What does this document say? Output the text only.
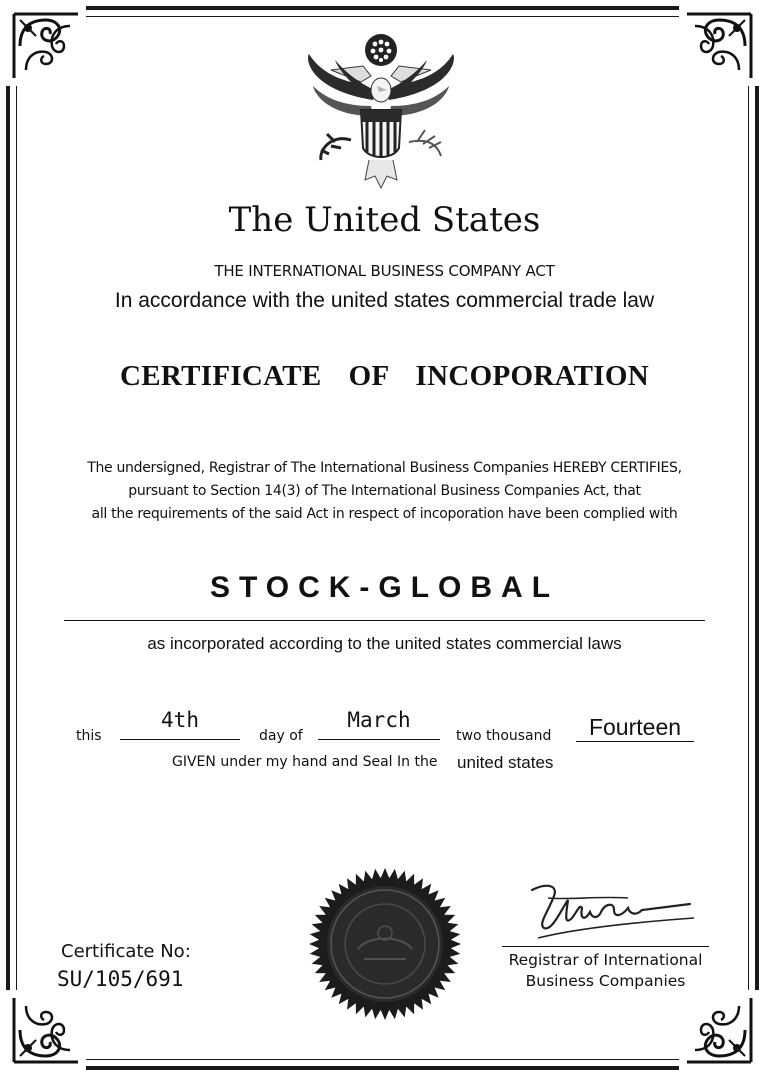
The United States
THE INTERNATIONAL BUSINESS COMPANY ACT
In accordance with the united states commercial trade law
CERTIFICATE  OF  INCOPORATION
The undersigned, Registrar of The International Business Companies HEREBY CERTIFIES,
pursuant to Section 14(3) of The International Business Companies Act, that
all the requirements of the said Act in respect of incoporation have been complied with
STOCK-GLOBAL
as incorporated according to the united states commercial laws
this
4th
day of
March
two thousand	Fourteen
GIVEN under my hand and Seal In the united states
Certificate No:
SU/105/691
Registrar of International
Business Companies
